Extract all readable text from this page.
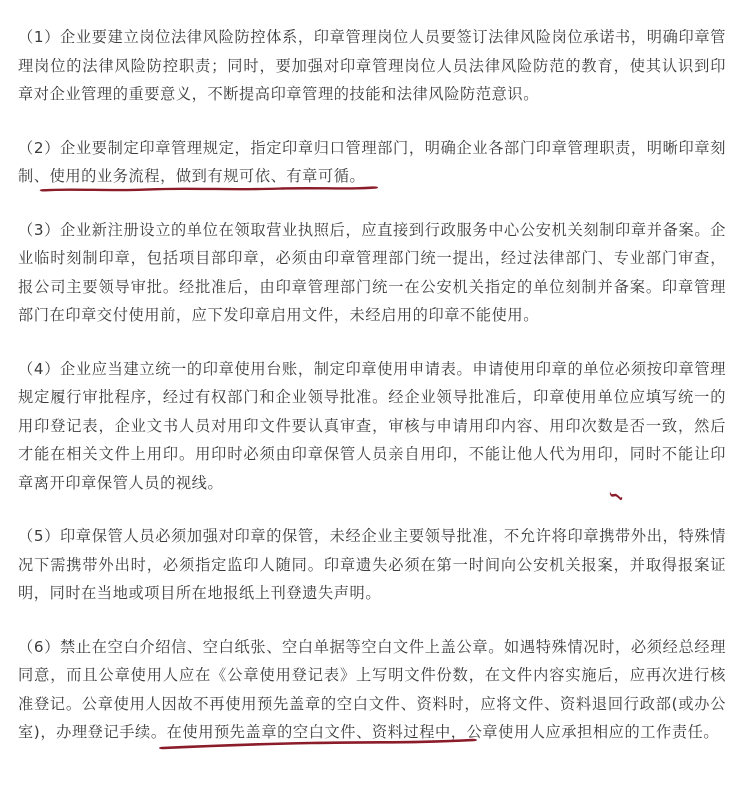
（1）企业要建立岗位法律风险防控体系，印章管理岗位人员要签订法律风险岗位承诺书，明确印章管理岗位的法律风险防控职责；同时，要加强对印章管理岗位人员法律风险防范的教育，使其认识到印章对企业管理的重要意义，不断提高印章管理的技能和法律风险防范意识。

（2）企业要制定印章管理规定，指定印章归口管理部门，明确企业各部门印章管理职责，明晰印章刻制、使用的业务流程，做到有规可依、有章可循。

（3）企业新注册设立的单位在领取营业执照后，应直接到行政服务中心公安机关刻制印章并备案。企业临时刻制印章，包括项目部印章，必须由印章管理部门统一提出，经过法律部门、专业部门审查，报公司主要领导审批。经批准后，由印章管理部门统一在公安机关指定的单位刻制并备案。印章管理部门在印章交付使用前，应下发印章启用文件，未经启用的印章不能使用。

（4）企业应当建立统一的印章使用台账，制定印章使用申请表。申请使用印章的单位必须按印章管理规定履行审批程序，经过有权部门和企业领导批准。经企业领导批准后，印章使用单位应填写统一的用印登记表，企业文书人员对用印文件要认真审查，审核与申请用印内容、用印次数是否一致，然后才能在相关文件上用印。用印时必须由印章保管人员亲自用印，不能让他人代为用印，同时不能让印章离开印章保管人员的视线。

（5）印章保管人员必须加强对印章的保管，未经企业主要领导批准，不允许将印章携带外出，特殊情况下需携带外出时，必须指定监印人随同。印章遗失必须在第一时间向公安机关报案，并取得报案证明，同时在当地或项目所在地报纸上刊登遗失声明。

（6）禁止在空白介绍信、空白纸张、空白单据等空白文件上盖公章。如遇特殊情况时，必须经总经理同意，而且公章使用人应在《公章使用登记表》上写明文件份数，在文件内容实施后，应再次进行核准登记。公章使用人因故不再使用预先盖章的空白文件、资料时，应将文件、资料退回行政部(或办公室)，办理登记手续。在使用预先盖章的空白文件、资料过程中，
公章使用人应承担相应的工作责任。
